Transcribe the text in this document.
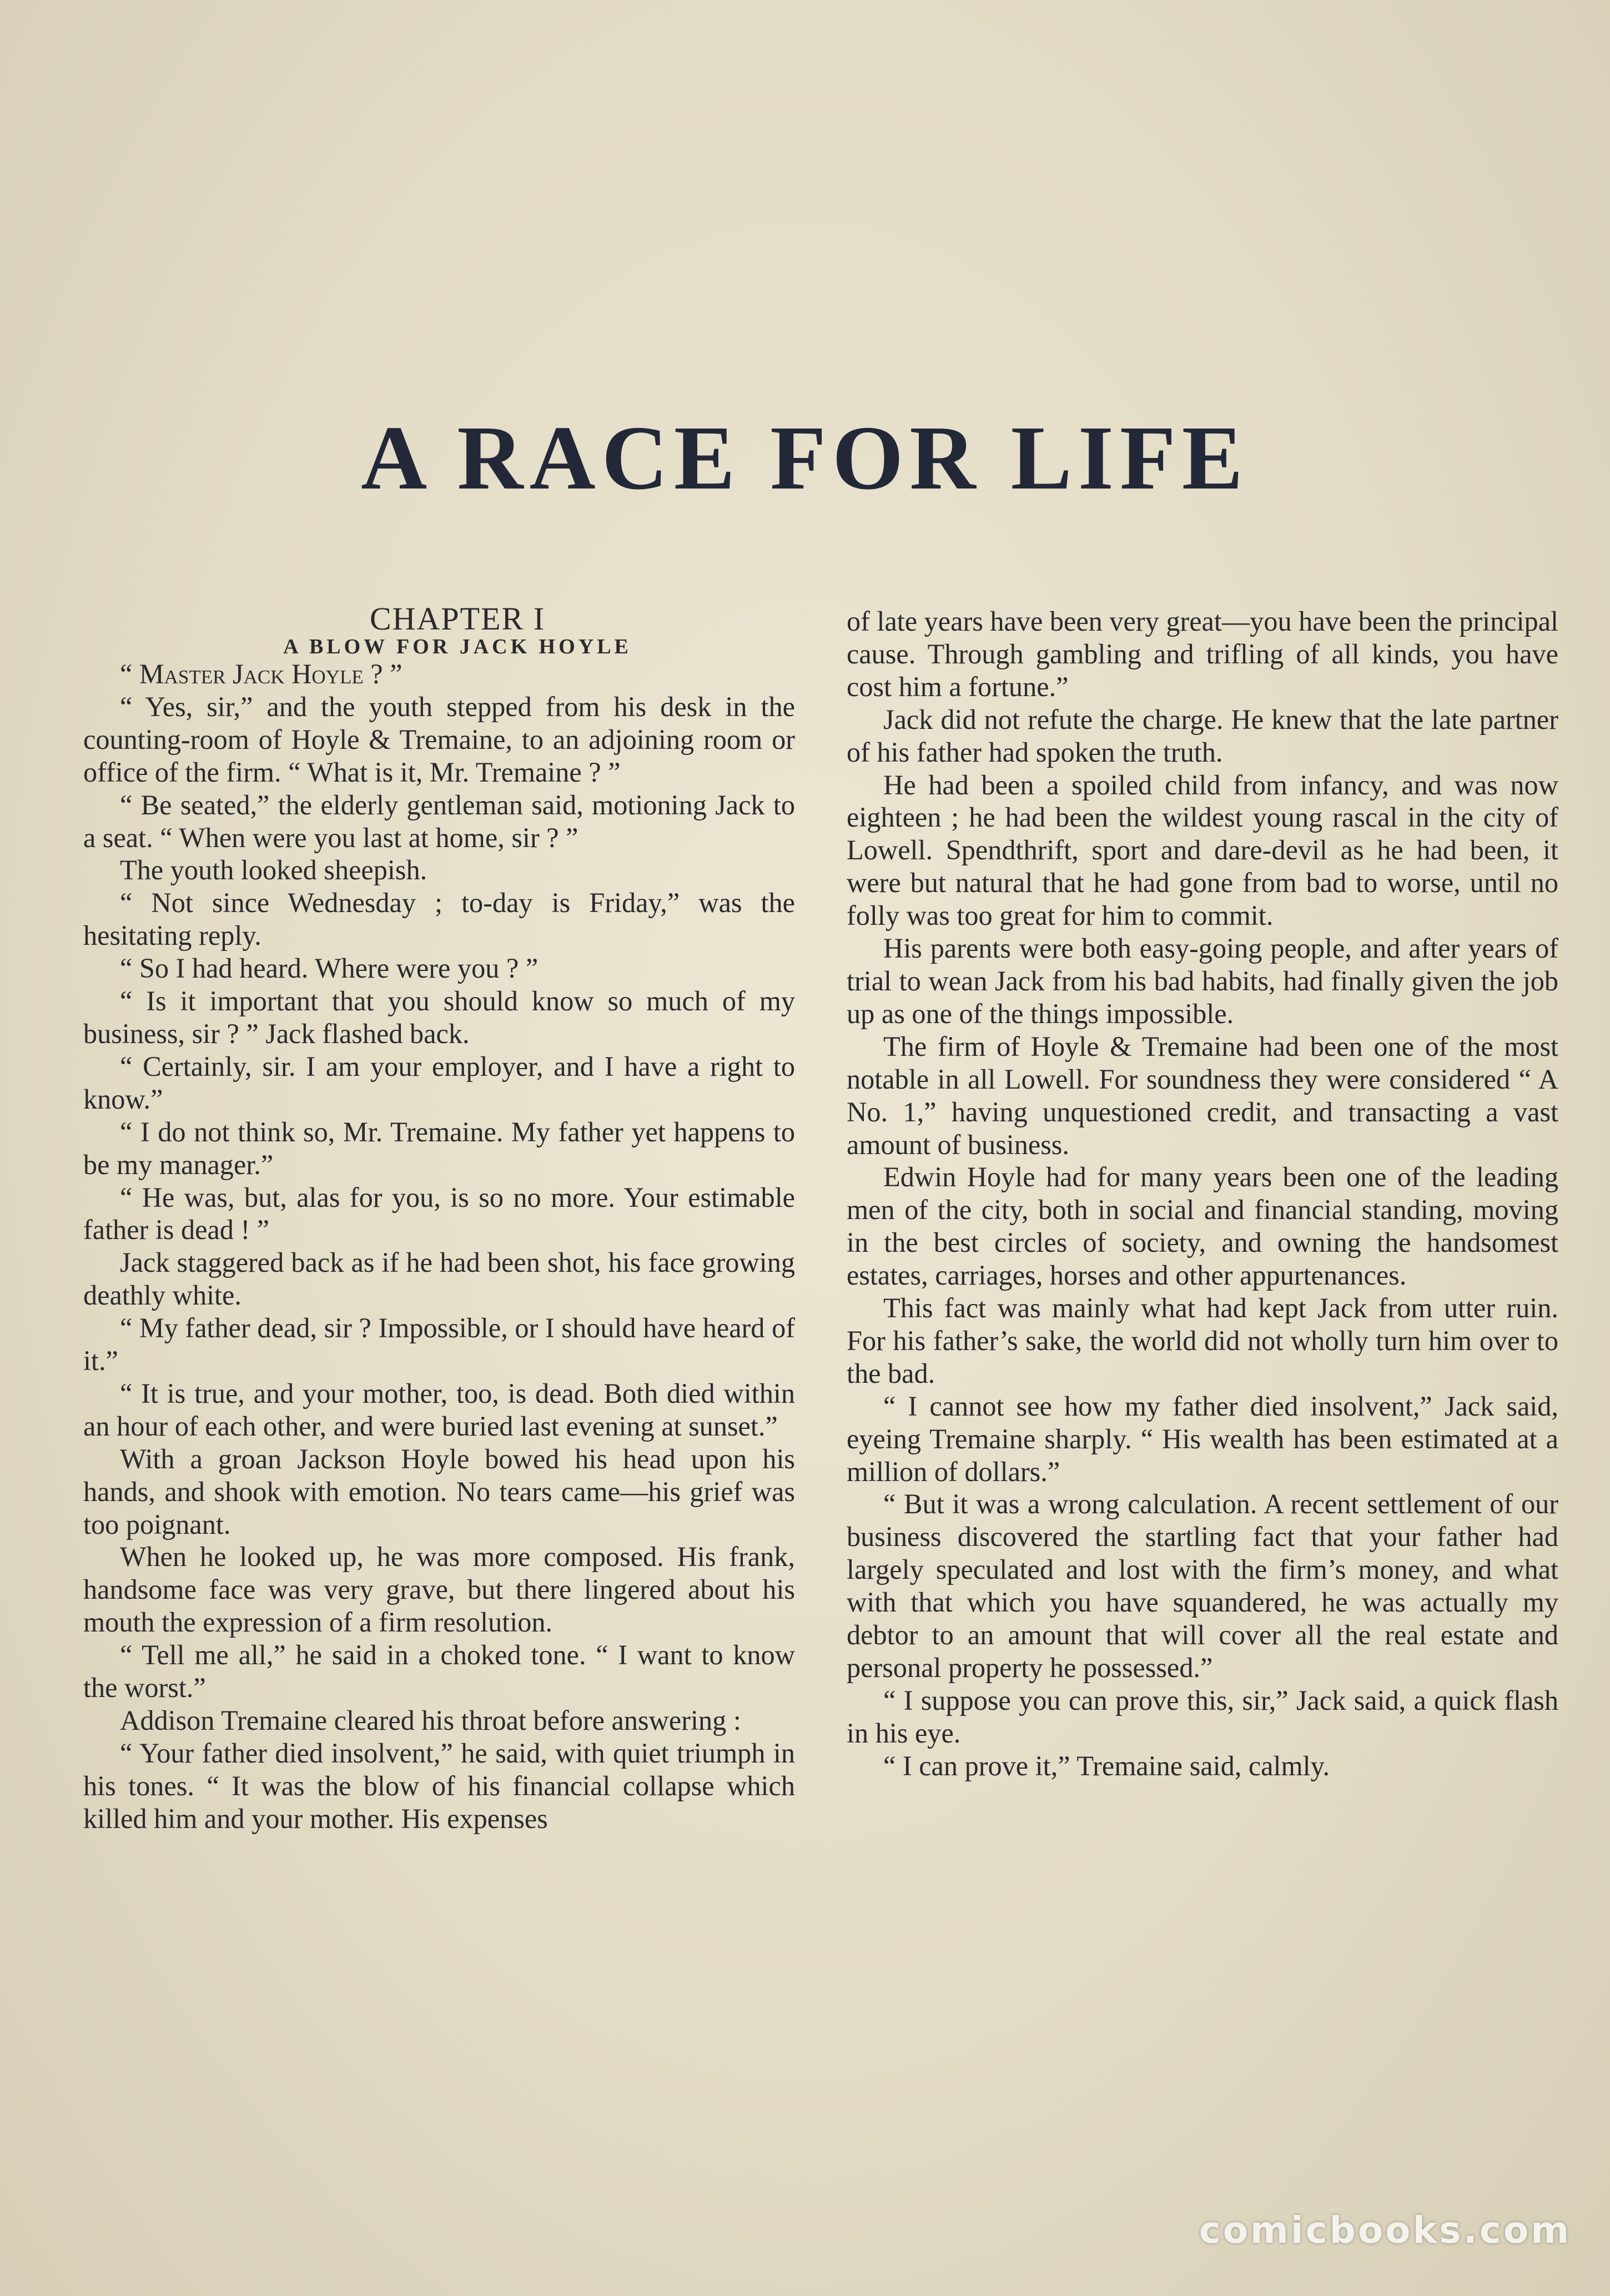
A RACE FOR LIFE

CHAPTER I

A BLOW FOR JACK HOYLE

“ Master Jack Hoyle ? ”

“ Yes, sir,” and the youth stepped from his desk in the counting-room of Hoyle & Tremaine, to an adjoining room or office of the firm. “ What is it, Mr. Tremaine ? ”

“ Be seated,” the elderly gentleman said, motioning Jack to a seat. “ When were you last at home, sir ? ”

The youth looked sheepish.

“ Not since Wednesday ; to-day is Friday,” was the hesitating reply.

“ So I had heard. Where were you ? ”

“ Is it important that you should know so much of my business, sir ? ” Jack flashed back.

“ Certainly, sir. I am your employer, and I have a right to know.”

“ I do not think so, Mr. Tremaine. My father yet happens to be my manager.”

“ He was, but, alas for you, is so no more. Your estimable father is dead ! ”

Jack staggered back as if he had been shot, his face growing deathly white.

“ My father dead, sir ? Impossible, or I should have heard of it.”

“ It is true, and your mother, too, is dead. Both died within an hour of each other, and were buried last evening at sunset.”

With a groan Jackson Hoyle bowed his head upon his hands, and shook with emotion. No tears came—his grief was too poignant.

When he looked up, he was more composed. His frank, handsome face was very grave, but there lingered about his mouth the expression of a firm resolution.

“ Tell me all,” he said in a choked tone. “ I want to know the worst.”

Addison Tremaine cleared his throat before answering :

“ Your father died insolvent,” he said, with quiet triumph in his tones. “ It was the blow of his financial collapse which killed him and your mother. His expenses

of late years have been very great—you have been the principal cause. Through gambling and trifling of all kinds, you have cost him a fortune.”

Jack did not refute the charge. He knew that the late partner of his father had spoken the truth.

He had been a spoiled child from infancy, and was now eighteen ; he had been the wildest young rascal in the city of Lowell. Spendthrift, sport and dare-devil as he had been, it were but natural that he had gone from bad to worse, until no folly was too great for him to commit.

His parents were both easy-going people, and after years of trial to wean Jack from his bad habits, had finally given the job up as one of the things impossible.

The firm of Hoyle & Tremaine had been one of the most notable in all Lowell. For soundness they were considered “ A No. 1,” having unquestioned credit, and transacting a vast amount of business.

Edwin Hoyle had for many years been one of the leading men of the city, both in social and financial standing, moving in the best circles of society, and owning the handsomest estates, carriages, horses and other appurtenances.

This fact was mainly what had kept Jack from utter ruin. For his father’s sake, the world did not wholly turn him over to the bad.

“ I cannot see how my father died insolvent,” Jack said, eyeing Tremaine sharply. “ His wealth has been estimated at a million of dollars.”

“ But it was a wrong calculation. A recent settlement of our business discovered the startling fact that your father had largely speculated and lost with the firm’s money, and what with that which you have squandered, he was actually my debtor to an amount that will cover all the real estate and personal property he possessed.”

“ I suppose you can prove this, sir,” Jack said, a quick flash in his eye.

“ I can prove it,” Tremaine said, calmly.

comicbooks.com
